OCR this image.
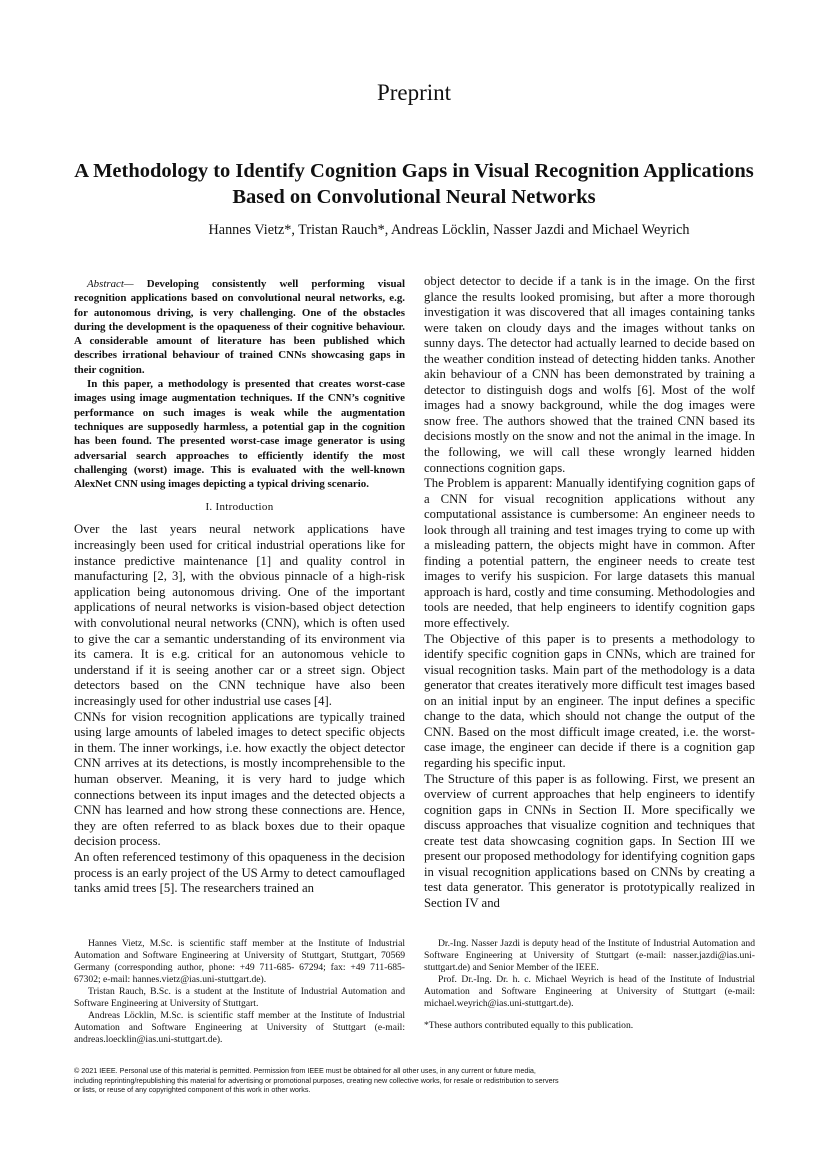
Preprint
A Methodology to Identify Cognition Gaps in Visual Recognition Applications Based on Convolutional Neural Networks
Hannes Vietz*, Tristan Rauch*, Andreas Löcklin, Nasser Jazdi and Michael Weyrich

Abstract— Developing consistently well performing visual recognition applications based on convolutional neural networks, e.g. for autonomous driving, is very challenging. One of the obstacles during the development is the opaqueness of their cognitive behaviour. A considerable amount of literature has been published which describes irrational behaviour of trained CNNs showcasing gaps in their cognition.

In this paper, a methodology is presented that creates worst-case images using image augmentation techniques. If the CNN’s cognitive performance on such images is weak while the augmentation techniques are supposedly harmless, a potential gap in the cognition has been found. The presented worst-case image generator is using adversarial search approaches to efficiently identify the most challenging (worst) image. This is evaluated with the well-known AlexNet CNN using images depicting a typical driving scenario.

I. Introduction

Over the last years neural network applications have increasingly been used for critical industrial operations like for instance predictive maintenance [1] and quality control in manufacturing [2, 3], with the obvious pinnacle of a high-risk application being autonomous driving. One of the important applications of neural networks is vision-based object detection with convolutional neural networks (CNN), which is often used to give the car a semantic understanding of its environment via its camera. It is e.g. critical for an autonomous vehicle to understand if it is seeing another car or a street sign. Object detectors based on the CNN technique have also been increasingly used for other industrial use cases [4].

CNNs for vision recognition applications are typically trained using large amounts of labeled images to detect specific objects in them. The inner workings, i.e. how exactly the object detector CNN arrives at its detections, is mostly incomprehensible to the human observer. Meaning, it is very hard to judge which connections between its input images and the detected objects a CNN has learned and how strong these connections are. Hence, they are often referred to as black boxes due to their opaque decision process.

An often referenced testimony of this opaqueness in the decision process is an early project of the US Army to detect camouflaged tanks amid trees [5]. The researchers trained an

object detector to decide if a tank is in the image. On the first glance the results looked promising, but after a more thorough investigation it was discovered that all images containing tanks were taken on cloudy days and the images without tanks on sunny days. The detector had actually learned to decide based on the weather condition instead of detecting hidden tanks. Another akin behaviour of a CNN has been demonstrated by training a detector to distinguish dogs and wolfs [6]. Most of the wolf images had a snowy background, while the dog images were snow free. The authors showed that the trained CNN based its decisions mostly on the snow and not the animal in the image. In the following, we will call these wrongly learned hidden connections cognition gaps.

The Problem is apparent: Manually identifying cognition gaps of a CNN for visual recognition applications without any computational assistance is cumbersome: An engineer needs to look through all training and test images trying to come up with a misleading pattern, the objects might have in common. After finding a potential pattern, the engineer needs to create test images to verify his suspicion. For large datasets this manual approach is hard, costly and time consuming. Methodologies and tools are needed, that help engineers to identify cognition gaps more effectively.

The Objective of this paper is to presents a methodology to identify specific cognition gaps in CNNs, which are trained for visual recognition tasks. Main part of the methodology is a data generator that creates iteratively more difficult test images based on an initial input by an engineer. The input defines a specific change to the data, which should not change the output of the CNN. Based on the most difficult image created, i.e. the worst-case image, the engineer can decide if there is a cognition gap regarding his specific input.

The Structure of this paper is as following. First, we present an overview of current approaches that help engineers to identify cognition gaps in CNNs in Section II. More specifically we discuss approaches that visualize cognition and techniques that create test data showcasing cognition gaps. In Section III we present our proposed methodology for identifying cognition gaps in visual recognition applications based on CNNs by creating a test data generator. This generator is prototypically realized in Section IV and

Hannes Vietz, M.Sc. is scientific staff member at the Institute of Industrial Automation and Software Engineering at University of Stuttgart, Stuttgart, 70569 Germany (corresponding author, phone: +49 711-685- 67294; fax: +49 711-685-67302; e-mail: hannes.vietz@ias.uni-stuttgart.de).

Tristan Rauch, B.Sc. is a student at the Institute of Industrial Automation and Software Engineering at University of Stuttgart.

Andreas Löcklin, M.Sc. is scientific staff member at the Institute of Industrial Automation and Software Engineering at University of Stuttgart (e-mail: andreas.loecklin@ias.uni-stuttgart.de).

Dr.-Ing. Nasser Jazdi is deputy head of the Institute of Industrial Automation and Software Engineering at University of Stuttgart (e-mail: nasser.jazdi@ias.uni-stuttgart.de) and Senior Member of the IEEE.

Prof. Dr.-Ing. Dr. h. c. Michael Weyrich is head of the Institute of Industrial Automation and Software Engineering at University of Stuttgart (e-mail: michael.weyrich@ias.uni-stuttgart.de).

*These authors contributed equally to this publication.

© 2021 IEEE. Personal use of this material is permitted. Permission from IEEE must be obtained for all other uses, in any current or future media,
including reprinting/republishing this material for advertising or promotional purposes, creating new collective works, for resale or redistribution to servers
or lists, or reuse of any copyrighted component of this work in other works.
